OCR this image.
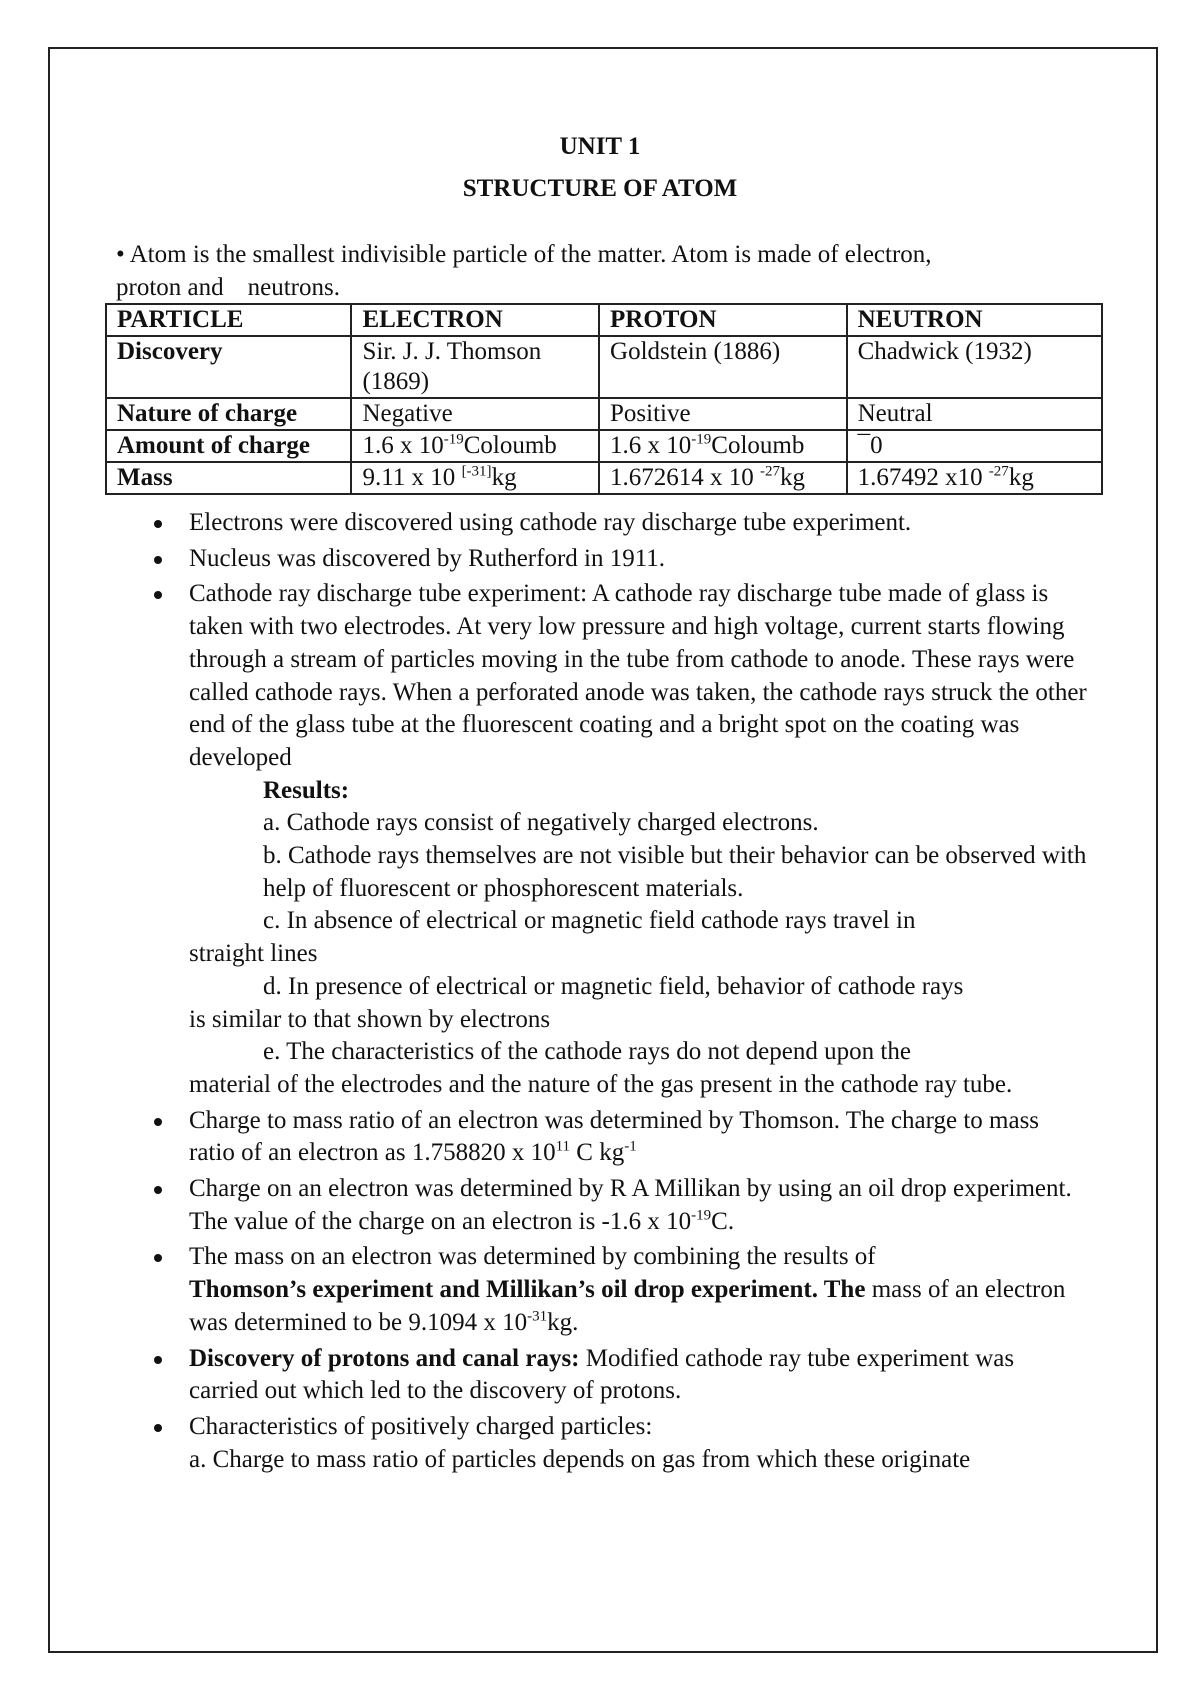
UNIT 1
STRUCTURE OF ATOM
• Atom is the smallest indivisible particle of the matter. Atom is made of electron,
proton and neutrons.
PARTICLE	ELECTRON	PROTON	NEUTRON
Discovery	Sir. J. J. Thomson (1869)	Goldstein (1886)	Chadwick (1932)
Nature of charge	Negative	Positive	Neutral
Amount of charge	1.6 x $10^{-19}Coloumb$	1.6 x $10^{-19}Coloumb$	¯0
Mass	9.11 x 10 [-31]kg	1.672614 x 10 $^{-27}$kg	1.67492 x10 $^{-27}$kg
Electrons were discovered using cathode ray discharge tube experiment.
Nucleus was discovered by Rutherford in 1911.
Cathode ray discharge tube experiment: A cathode ray discharge tube made of glass is taken with two electrodes. At very low pressure and high voltage, current starts flowing through a stream of particles moving in the tube from cathode to anode. These rays were called cathode rays. When a perforated anode was taken, the cathode rays struck the other end of the glass tube at the fluorescent coating and a bright spot on the coating was developed
Results:
a. Cathode rays consist of negatively charged electrons.
b. Cathode rays themselves are not visible but their behavior can be observed with
help of fluorescent or phosphorescent materials.
c. In absence of electrical or magnetic field cathode rays travel in
straight lines
d. In presence of electrical or magnetic field, behavior of cathode rays
is similar to that shown by electrons
e. The characteristics of the cathode rays do not depend upon the
material of the electrodes and the nature of the gas present in the cathode ray tube.
Charge to mass ratio of an electron was determined by Thomson. The charge to mass ratio of an electron as 1.758820 x $10^{11}$ C $kg^{-1}$
Charge on an electron was determined by R A Millikan by using an oil drop experiment. The value of the charge on an electron is -1.6 x $10^{-19}C$.
The mass on an electron was determined by combining the results of
Thomson’s experiment and Millikan’s oil drop experiment. The mass of an electron was determined to be 9.1094 x $10^{-31}kg$.
Discovery of protons and canal rays: Modified cathode ray tube experiment was carried out which led to the discovery of protons.
Characteristics of positively charged particles:
a. Charge to mass ratio of particles depends on gas from which these originate
